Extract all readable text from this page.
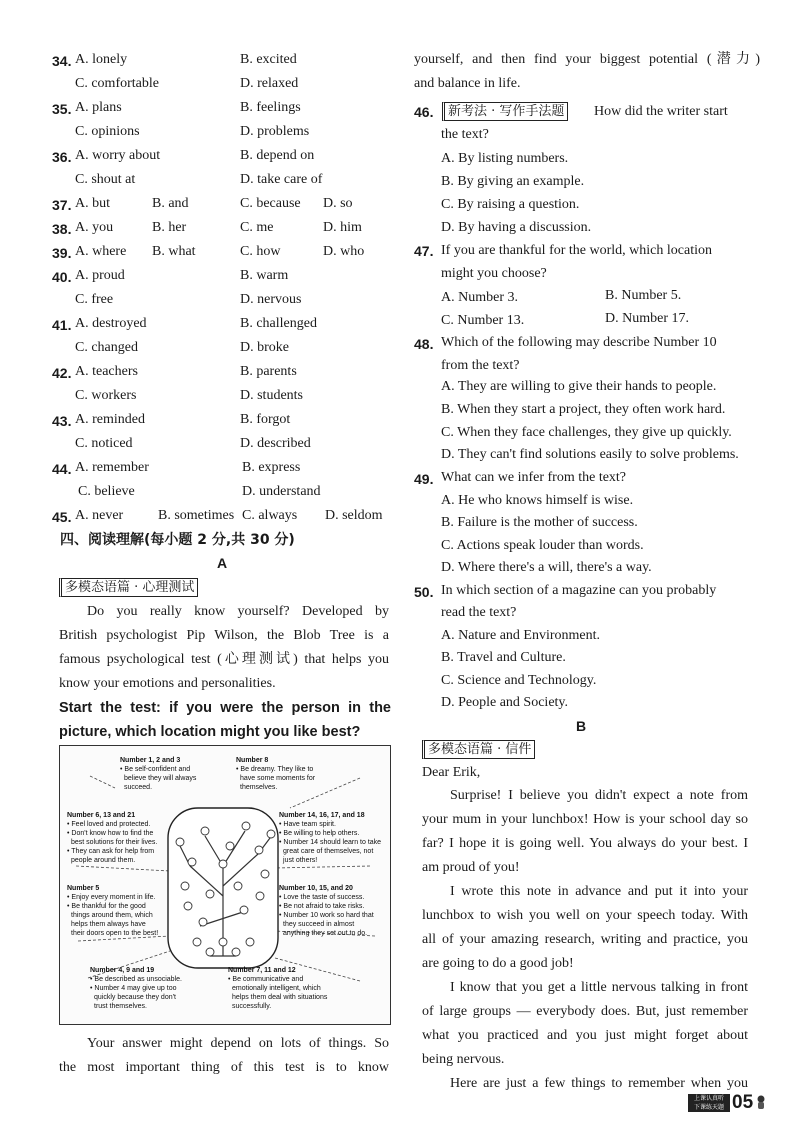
34. A. lonely	B. excited
C. comfortable	D. relaxed
35. A. plans	B. feelings
C. opinions	D. problems
36. A. worry about	B. depend on
C. shout at	D. take care of
37. A. but	B. and	C. because D. so
38. A. you	B. her	C. me	D. him
39. A. where B. what	C. how	D. who
40. A. proud	B. warm
C. free	D. nervous
41. A. destroyed	B. challenged
C. changed	D. broke
42. A. teachers	B. parents
C. workers	D. students
43. A. reminded	B. forgot
C. noticed	D. described
44. A. remember	B. express
C. believe	D. understand
45. A. never B. sometimes C. always D. seldom
四、阅读理解(每小题 2 分,共 30 分)
A
多模态语篇 · 心理测试
Do you really know yourself? Developed by
British psychologist Pip Wilson, the Blob Tree is a
famous psychological test (心理测试) that helps you
know your emotions and personalities.
Start the test: if you were the person in the
picture, which location might you like best?
Number 1, 2 and 3
• Be self-confident and
believe they will always
succeed.
Number 8
• Be dreamy. They like to
have some moments for
themselves.
Number 6, 13 and 21
• Feel loved and protected.
• Don't know how to find the
best solutions for their lives.
• They can ask for help from
people around them.
Number 14, 16, 17, and 18
• Have team spirit.
• Be willing to help others.
• Number 14 should learn to take
great care of themselves, not
just others!
Number 5
• Enjoy every moment in life.
• Be thankful for the good
things around them, which
helps them always have
their doors open to the best!
Number 10, 15, and 20
• Love the taste of success.
• Be not afraid to take risks.
• Number 10 work so hard that
they succeed in almost
anything they set out to do.
Number 4, 9 and 19
• Be described as unsociable.
• Number 4 may give up too
quickly because they don't
trust themselves.
Number 7, 11 and 12
• Be communicative and
emotionally intelligent, which
helps them deal with situations
successfully.
Your answer might depend on lots of things. So
the most important thing of this test is to know
yourself, and then find your biggest potential (潜力)
and balance in life.
46.	新考法 · 写作手法题 How did the writer start
the text?
A. By listing numbers.
B. By giving an example.
C. By raising a question.
D. By having a discussion.
47. If you are thankful for the world, which location
might you choose?
A. Number 3.	B. Number 5.
C. Number 13.	D. Number 17.
48. Which of the following may describe Number 10
from the text?
A. They are willing to give their hands to people.
B. When they start a project, they often work hard.
C. When they face challenges, they give up quickly.
D. They can't find solutions easily to solve problems.
49. What can we infer from the text?
A. He who knows himself is wise.
B. Failure is the mother of success.
C. Actions speak louder than words.
D. Where there's a will, there's a way.
50. In which section of a magazine can you probably
read the text?
A. Nature and Environment.
B. Travel and Culture.
C. Science and Technology.
D. People and Society.
B
多模态语篇 · 信件
Dear Erik,
Surprise! I believe you didn't expect a note from
your mum in your lunchbox! How is your school day so
far? I hope it is going well. You always do your best. I
am proud of you!
I wrote this note in advance and put it into your
lunchbox to wish you well on your speech today. With
all of your amazing research, writing and practice, you
are going to do a good job!
I know that you get a little nervous talking in front
of large groups — everybody does. But, just remember
what you practiced and you just might forget about
being nervous.
Here are just a few things to remember when you
上课认真听
下课练天题 05
